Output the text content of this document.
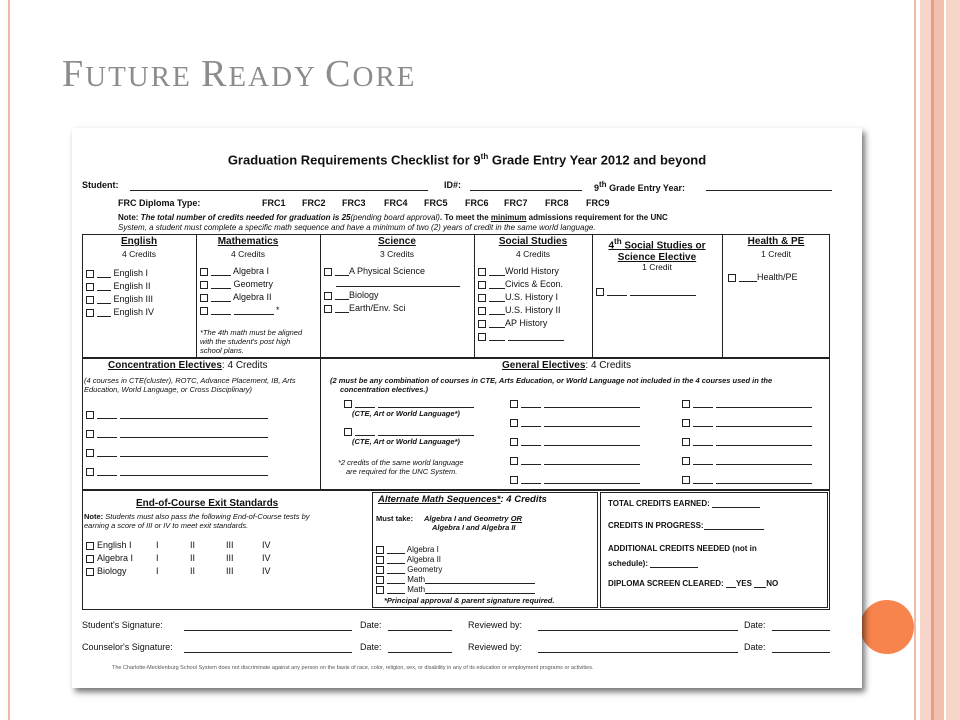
FUTURE READY CORE
Graduation Requirements Checklist for 9th Grade Entry Year 2012 and beyond
Student:	ID#:	9th Grade Entry Year:
FRC Diploma Type:	FRC1 FRC2 FRC3 FRC4 FRC5 FRC6 FRC7 FRC8 FRC9
Note: The total number of credits needed for graduation is 25(pending board approval). To meet the minimum admissions requirement for the UNC
System, a student must complete a specific math sequence and have a minimum of two (2) years of credit in the same world language.
English
4 Credits
English I
English II
English III
English IV
Mathematics
4 Credits
Algebra I
Geometry
Algebra II
*
*The 4th math must be aligned
with the student's post high
school plans.
Science
3 Credits
A Physical Science
Biology
Earth/Env. Sci
Social Studies
4 Credits
World History
Civics & Econ.
U.S. History I
U.S. History II
AP History

4th Social Studies or
Science Elective
1 Credit

Health & PE
1 Credit
Health/PE
Concentration Electives: 4 Credits
(4 courses in CTE(cluster), ROTC, Advance Placement, IB, Arts
Education, World Language, or Cross Disciplinary)

General Electives: 4 Credits
(2 must be any combination of courses in CTE, Arts Education, or World Language not included in the 4 courses used in the
concentration electives.)

(CTE, Art or World Language*)

(CTE, Art or World Language*)
*2 credits of the same world language
are required for the UNC System.

End-of-Course Exit Standards
Note: Students must also pass the following End-of-Course tests by
earning a score of III or IV to meet exit standards.
English I	I	II	III	IV
Algebra I	I	II	III	IV
Biology	I	II	III	IV
Alternate Math Sequences*: 4 Credits
Must take: Algebra I and Geometry OR
Algebra I and Algebra II
Algebra I
Algebra II
Geometry
Math
Math
*Principal approval & parent signature required.
TOTAL CREDITS EARNED:
CREDITS IN PROGRESS:
ADDITIONAL CREDITS NEEDED (not in
schedule):
DIPLOMA SCREEN CLEARED: YES NO
Student's Signature:	Date:	Reviewed by:	Date:
Counselor's Signature:	Date:	Reviewed by:	Date:
The Charlotte-Mecklenburg School System does not discriminate against any person on the basis of race, color, religion, sex, or disability in any of its education or employment programs or activities.
